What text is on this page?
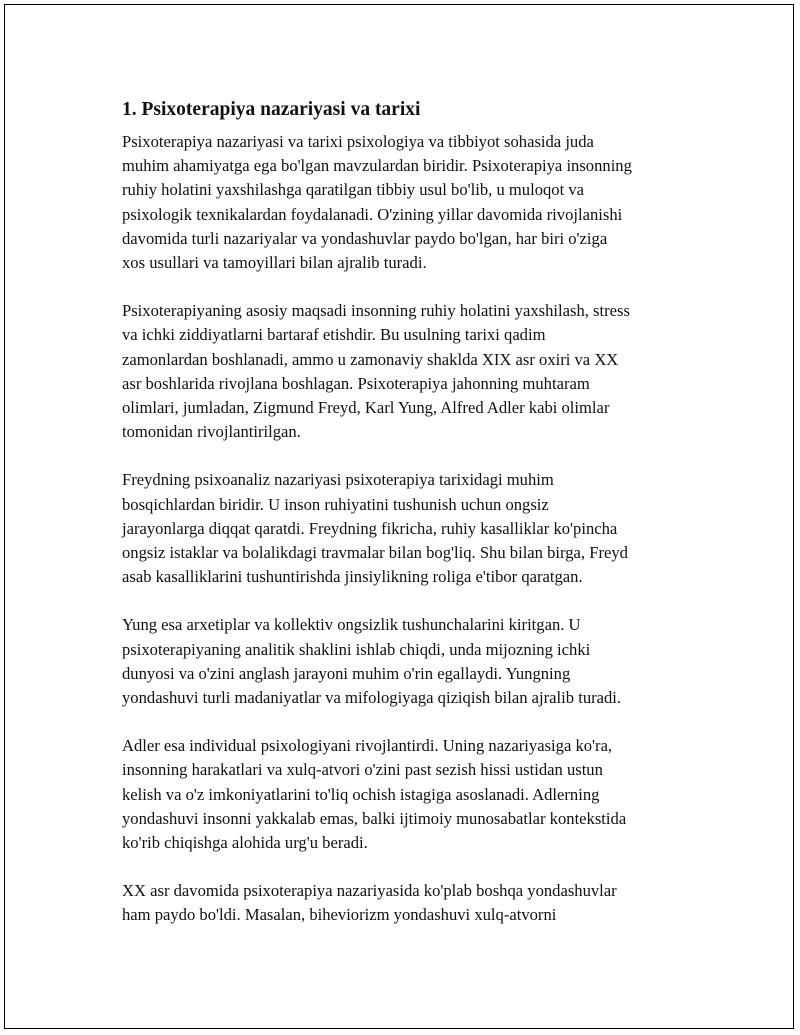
1. Psixoterapiya nazariyasi va tarixi

Psixoterapiya nazariyasi va tarixi psixologiya va tibbiyot sohasida juda
muhim ahamiyatga ega bo'lgan mavzulardan biridir. Psixoterapiya insonning
ruhiy holatini yaxshilashga qaratilgan tibbiy usul bo'lib, u muloqot va
psixologik texnikalardan foydalanadi. O'zining yillar davomida rivojlanishi
davomida turli nazariyalar va yondashuvlar paydo bo'lgan, har biri o'ziga
xos usullari va tamoyillari bilan ajralib turadi.

Psixoterapiyaning asosiy maqsadi insonning ruhiy holatini yaxshilash, stress
va ichki ziddiyatlarni bartaraf etishdir. Bu usulning tarixi qadim
zamonlardan boshlanadi, ammo u zamonaviy shaklda XIX asr oxiri va XX
asr boshlarida rivojlana boshlagan. Psixoterapiya jahonning muhtaram
olimlari, jumladan, Zigmund Freyd, Karl Yung, Alfred Adler kabi olimlar
tomonidan rivojlantirilgan.

Freydning psixoanaliz nazariyasi psixoterapiya tarixidagi muhim
bosqichlardan biridir. U inson ruhiyatini tushunish uchun ongsiz
jarayonlarga diqqat qaratdi. Freydning fikricha, ruhiy kasalliklar ko'pincha
ongsiz istaklar va bolalikdagi travmalar bilan bog'liq. Shu bilan birga, Freyd
asab kasalliklarini tushuntirishda jinsiylikning roliga e'tibor qaratgan.

Yung esa arxetiplar va kollektiv ongsizlik tushunchalarini kiritgan. U
psixoterapiyaning analitik shaklini ishlab chiqdi, unda mijozning ichki
dunyosi va o'zini anglash jarayoni muhim o'rin egallaydi. Yungning
yondashuvi turli madaniyatlar va mifologiyaga qiziqish bilan ajralib turadi.

Adler esa individual psixologiyani rivojlantirdi. Uning nazariyasiga ko'ra,
insonning harakatlari va xulq-atvori o'zini past sezish hissi ustidan ustun
kelish va o'z imkoniyatlarini to'liq ochish istagiga asoslanadi. Adlerning
yondashuvi insonni yakkalab emas, balki ijtimoiy munosabatlar kontekstida
ko'rib chiqishga alohida urg'u beradi.

XX asr davomida psixoterapiya nazariyasida ko'plab boshqa yondashuvlar
ham paydo bo'ldi. Masalan, biheviorizm yondashuvi xulq-atvorni
